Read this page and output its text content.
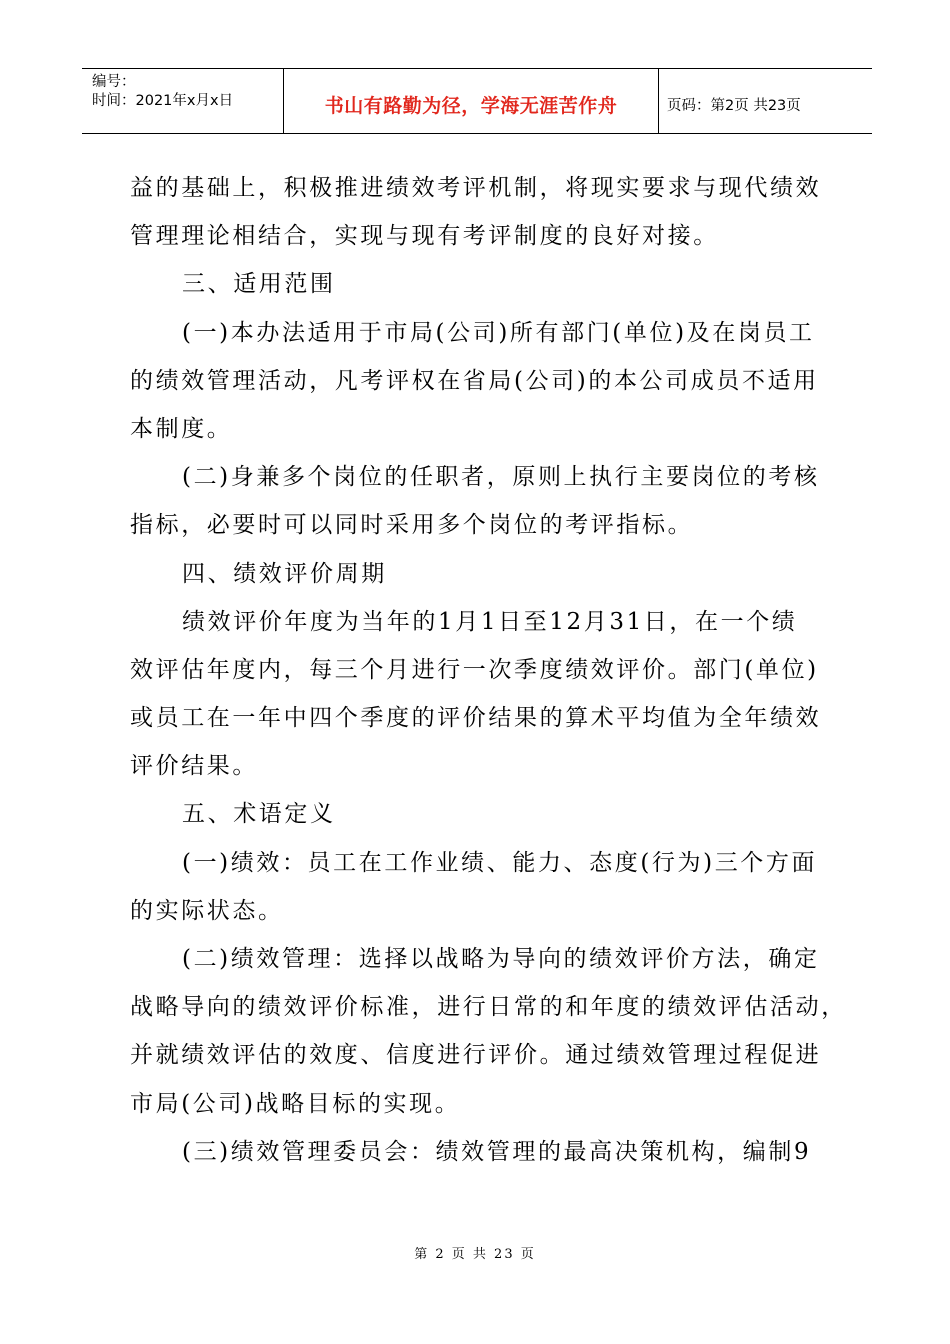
编号：
时间：2021年x月x日	书山有路勤为径，学海无涯苦作舟	页码：第2页 共23页
益的基础上，积极推进绩效考评机制，将现实要求与现代绩效
管理理论相结合，实现与现有考评制度的良好对接。
三、适用范围
(一)本办法适用于市局(公司)所有部门(单位)及在岗员工
的绩效管理活动，凡考评权在省局(公司)的本公司成员不适用
本制度。
(二)身兼多个岗位的任职者，原则上执行主要岗位的考核
指标，必要时可以同时采用多个岗位的考评指标。
四、绩效评价周期
绩效评价年度为当年的1月1日至12月31日，在一个绩
效评估年度内，每三个月进行一次季度绩效评价。部门(单位)
或员工在一年中四个季度的评价结果的算术平均值为全年绩效
评价结果。
五、术语定义
(一)绩效：员工在工作业绩、能力、态度(行为)三个方面
的实际状态。
(二)绩效管理：选择以战略为导向的绩效评价方法，确定
战略导向的绩效评价标准，进行日常的和年度的绩效评估活动，
并就绩效评估的效度、信度进行评价。通过绩效管理过程促进
市局(公司)战略目标的实现。
(三)绩效管理委员会：绩效管理的最高决策机构，编制9
第 2 页 共 23 页
